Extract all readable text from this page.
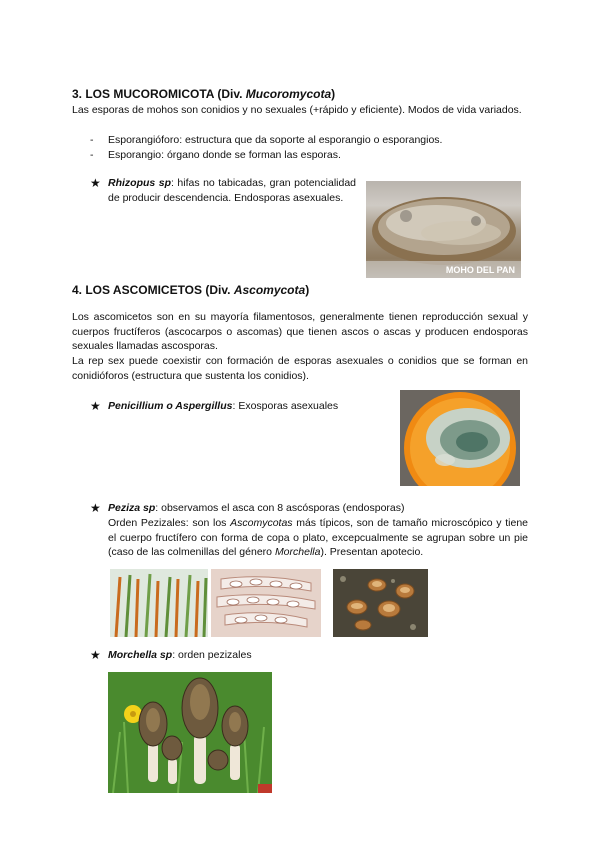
3. LOS MUCOROMICOTA (Div. Mucoromycota)
Las esporas de mohos son conidios y no sexuales (+rápido y eficiente). Modos de vida variados.
- Esporangióforo: estructura que da soporte al esporangio o esporangios.
- Esporangio: órgano donde se forman las esporas.
★ Rhizopus sp: hifas no tabicadas, gran potencialidad de producir descendencia. Endosporas asexuales.
MOHO DEL PAN
4. LOS ASCOMICETOS (Div. Ascomycota)
Los ascomicetos son en su mayoría filamentosos, generalmente tienen reproducción sexual y cuerpos fructíferos (ascocarpos o ascomas) que tienen ascos o ascas y producen endosporas sexuales llamadas ascosporas.
La rep sex puede coexistir con formación de esporas asexuales o conidios que se forman en conidióforos (estructura que sustenta los conidios).
★ Penicillium o Aspergillus: Exosporas asexuales
★ Peziza sp: observamos el asca con 8 ascósporas (endosporas)
Orden Pezizales: son los Ascomycotas más típicos, son de tamaño microscópico y tiene el cuerpo fructífero con forma de copa o plato, excepcualmente se agrupan sobre un pie (caso de las colmenillas del género Morchella). Presentan apotecio.
★ Morchella sp: orden pezizales
